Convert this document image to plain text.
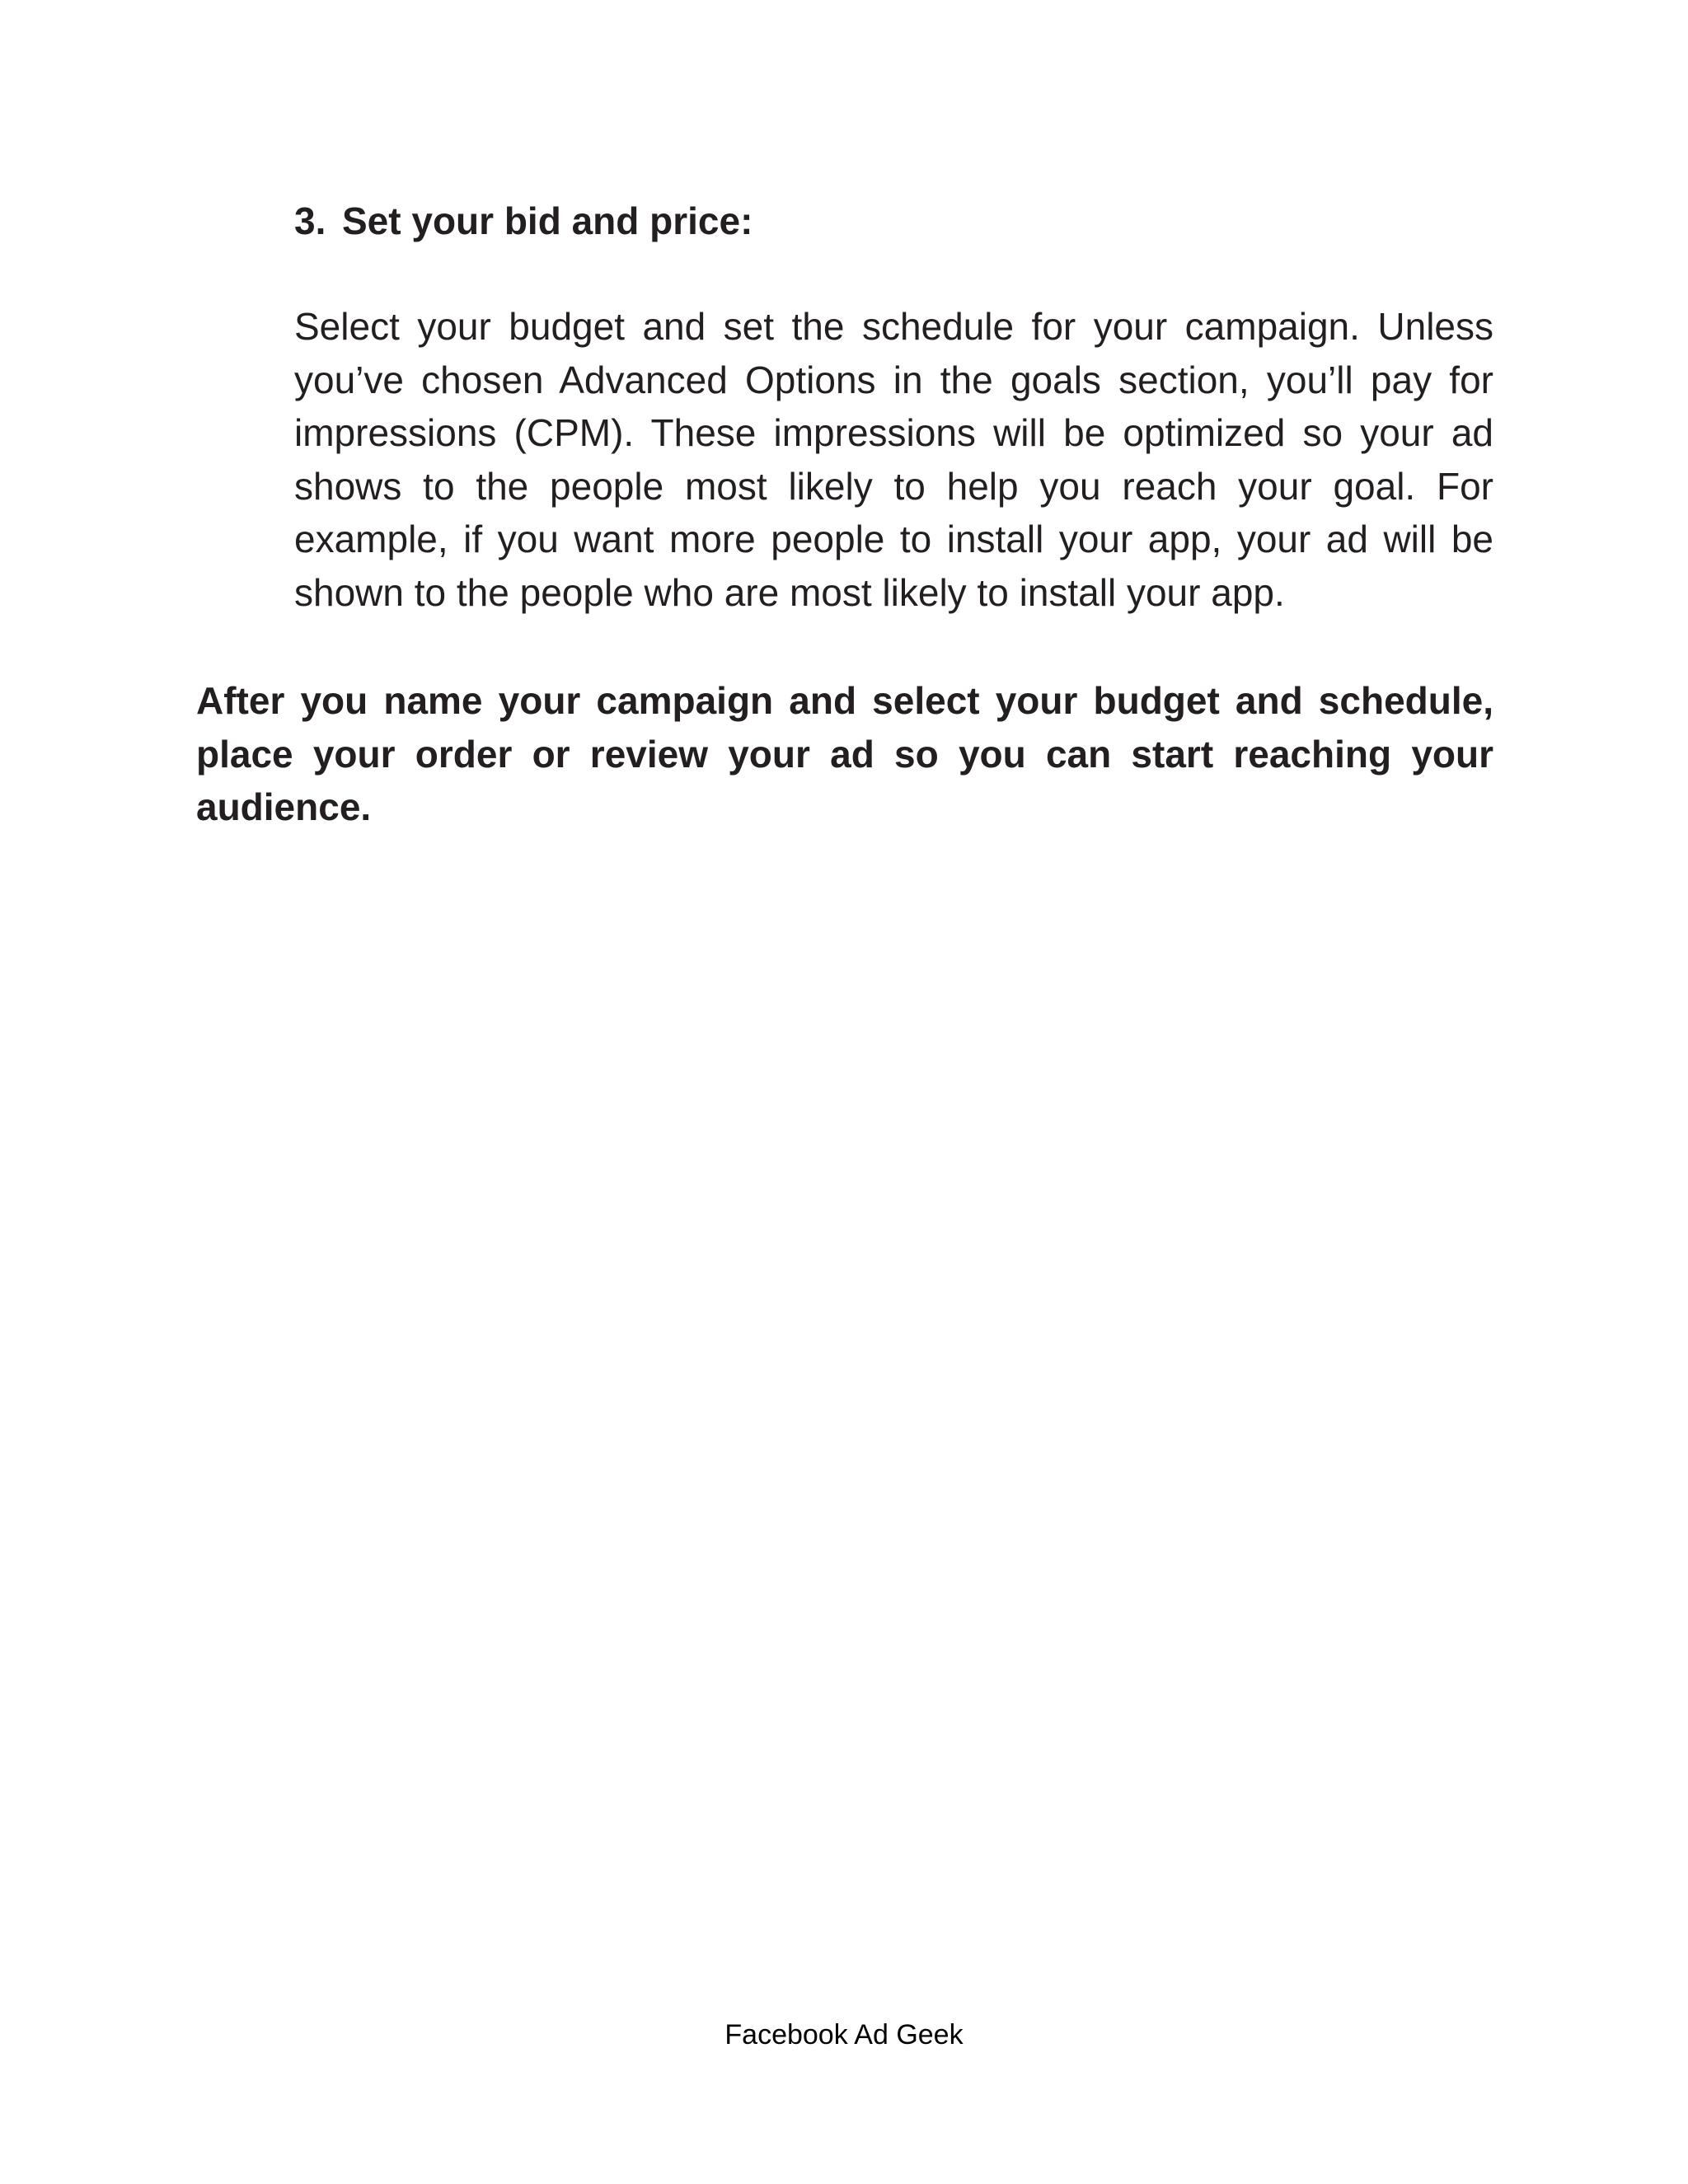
3. Set your bid and price:

Select your budget and set the schedule for your campaign. Unless you’ve chosen Advanced Options in the goals section, you’ll pay for impressions (CPM). These impressions will be optimized so your ad shows to the people most likely to help you reach your goal. For example, if you want more people to install your app, your ad will be shown to the people who are most likely to install your app.

After you name your campaign and select your budget and schedule, place your order or review your ad so you can start reaching your audience.

Facebook Ad Geek
